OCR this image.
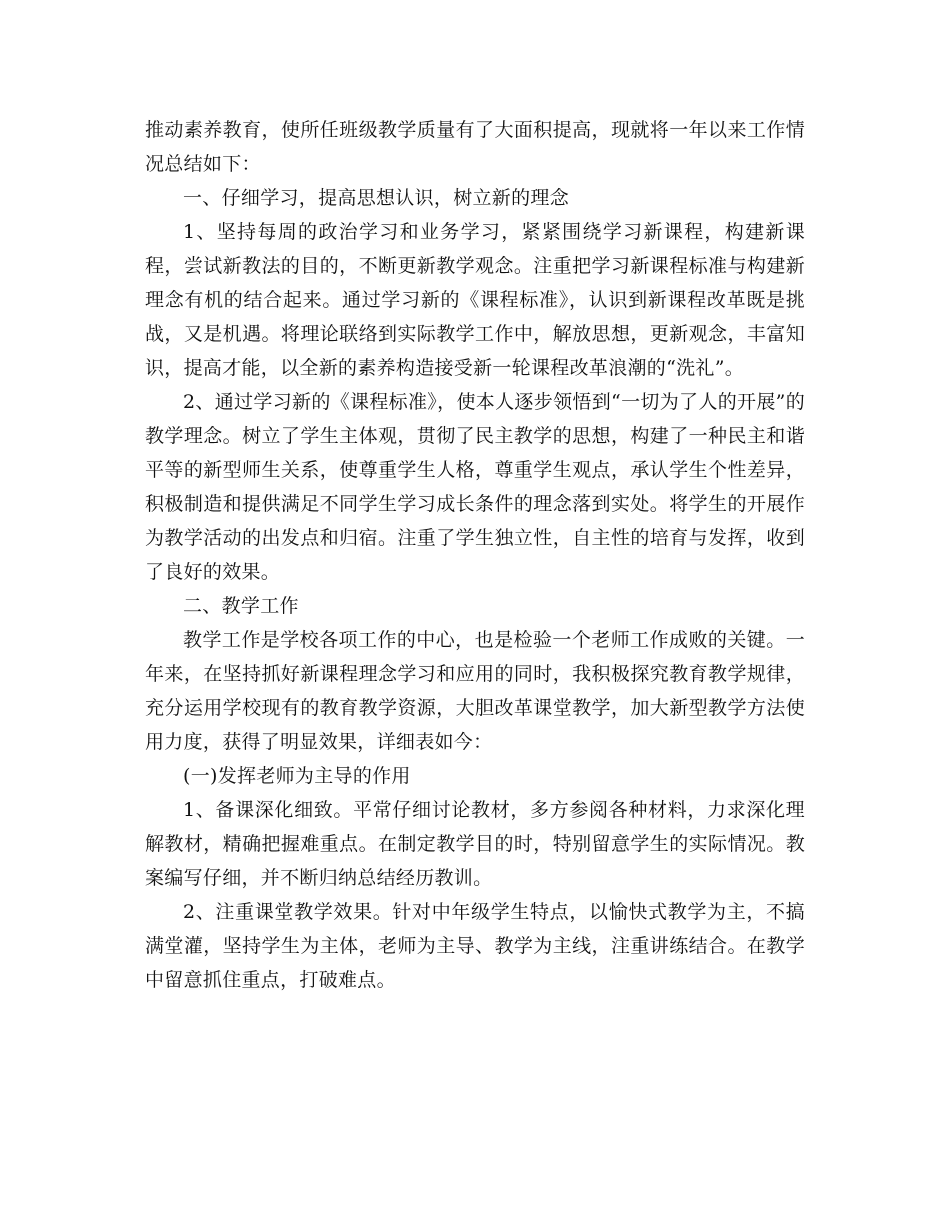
推动素养教育，使所任班级教学质量有了大面积提高，现就将一年以来工作情况总结如下：

一、仔细学习，提高思想认识，树立新的理念

1、坚持每周的政治学习和业务学习，紧紧围绕学习新课程，构建新课程，尝试新教法的目的，不断更新教学观念。注重把学习新课程标准与构建新理念有机的结合起来。通过学习新的《课程标准》，认识到新课程改革既是挑战，又是机遇。将理论联络到实际教学工作中，解放思想，更新观念，丰富知识，提高才能，以全新的素养构造接受新一轮课程改革浪潮的“洗礼”。

2、通过学习新的《课程标准》，使本人逐步领悟到“一切为了人的开展”的教学理念。树立了学生主体观，贯彻了民主教学的思想，构建了一种民主和谐平等的新型师生关系，使尊重学生人格，尊重学生观点，承认学生个性差异，积极制造和提供满足不同学生学习成长条件的理念落到实处。将学生的开展作为教学活动的出发点和归宿。注重了学生独立性，自主性的培育与发挥，收到了良好的效果。

二、教学工作

教学工作是学校各项工作的中心，也是检验一个老师工作成败的关键。一年来，在坚持抓好新课程理念学习和应用的同时，我积极探究教育教学规律，充分运用学校现有的教育教学资源，大胆改革课堂教学，加大新型教学方法使用力度，获得了明显效果，详细表如今：

(一)发挥老师为主导的作用

1、备课深化细致。平常仔细讨论教材，多方参阅各种材料，力求深化理解教材，精确把握难重点。在制定教学目的时，特别留意学生的实际情况。教案编写仔细，并不断归纳总结经历教训。

2、注重课堂教学效果。针对中年级学生特点，以愉快式教学为主，不搞满堂灌，坚持学生为主体，老师为主导、教学为主线，注重讲练结合。在教学中留意抓住重点，打破难点。
